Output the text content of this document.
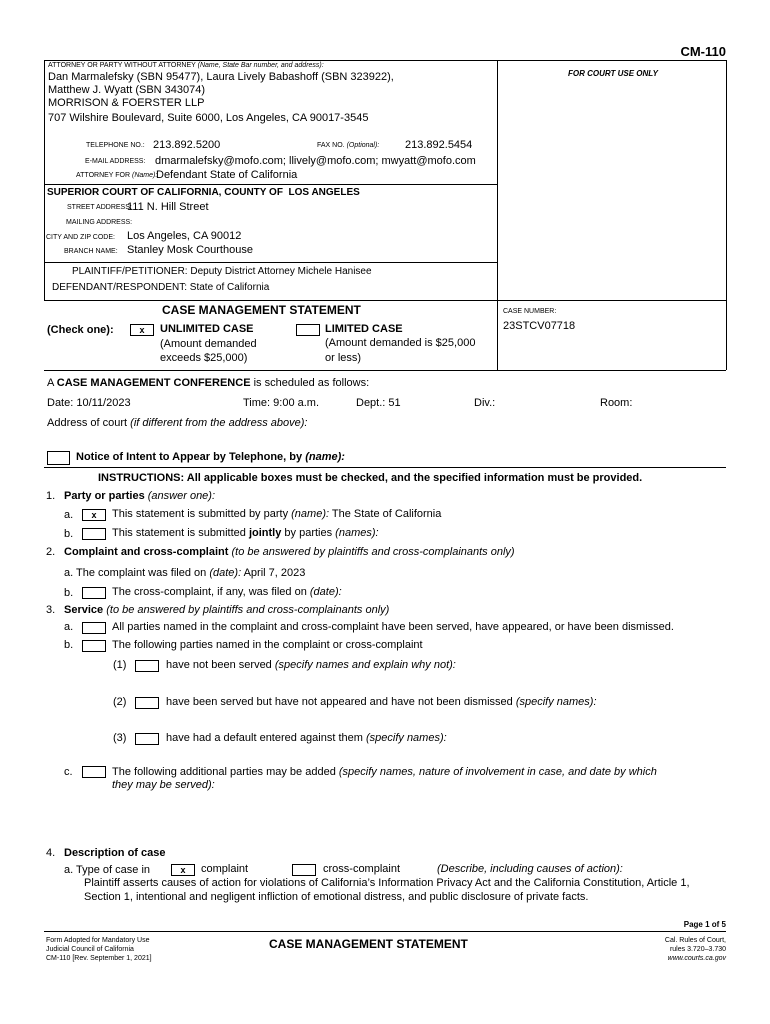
CM-110
ATTORNEY OR PARTY WITHOUT ATTORNEY (Name, State Bar number, and address):
Dan Marmalefsky (SBN 95477), Laura Lively Babashoff (SBN 323922),
Matthew J. Wyatt (SBN 343074)
MORRISON & FOERSTER LLP
707 Wilshire Boulevard, Suite 6000, Los Angeles, CA 90017-3545
TELEPHONE NO.: 213.892.5200	FAX NO. (Optional): 213.892.5454
E-MAIL ADDRESS: dmarmalefsky@mofo.com; llively@mofo.com; mwyatt@mofo.com
ATTORNEY FOR (Name):
Defendant State of California
FOR COURT USE ONLY
SUPERIOR COURT OF CALIFORNIA, COUNTY OF LOS ANGELES
STREET ADDRESS:
111 N. Hill Street
MAILING ADDRESS:
CITY AND ZIP CODE: Los Angeles, CA 90012
BRANCH NAME: Stanley Mosk Courthouse
PLAINTIFF/PETITIONER: Deputy District Attorney Michele Hanisee
DEFENDANT/RESPONDENT: State of California
CASE MANAGEMENT STATEMENT
(Check one):	x	UNLIMITED CASE
(Amount demanded
exceeds $25,000)
LIMITED CASE
(Amount demanded is $25,000
or less)
CASE NUMBER:
23STCV07718
A CASE MANAGEMENT CONFERENCE is scheduled as follows:
Date: 10/11/2023	Time: 9:00 a.m.	Dept.: 51	Div.:	Room:
Address of court (if different from the address above):
Notice of Intent to Appear by Telephone, by (name):
INSTRUCTIONS: All applicable boxes must be checked, and the specified information must be provided.
1. Party or parties (answer one):
a.	x	This statement is submitted by party (name): The State of California
b.	This statement is submitted jointly by parties (names):
2. Complaint and cross-complaint (to be answered by plaintiffs and cross-complainants only)
a. The complaint was filed on (date): April 7, 2023
b.	The cross-complaint, if any, was filed on (date):
3. Service (to be answered by plaintiffs and cross-complainants only)
a.	All parties named in the complaint and cross-complaint have been served, have appeared, or have been dismissed.
b.	The following parties named in the complaint or cross-complaint
(1)	have not been served (specify names and explain why not):
(2)	have been served but have not appeared and have not been dismissed (specify names):
(3)	have had a default entered against them (specify names):
c.	The following additional parties may be added (specify names, nature of involvement in case, and date by which
they may be served):
4. Description of case
a. Type of case in	x	complaint	cross-complaint	(Describe, including causes of action):
Plaintiff asserts causes of action for violations of California’s Information Privacy Act and the California Constitution, Article 1,
Section 1, intentional and negligent infliction of emotional distress, and public disclosure of private facts.
Page 1 of 5
Form Adopted for Mandatory Use
Judicial Council of California
CM-110 [Rev. September 1, 2021]
CASE MANAGEMENT STATEMENT	Cal. Rules of Court,
rules 3.720–3.730
www.courts.ca.gov
